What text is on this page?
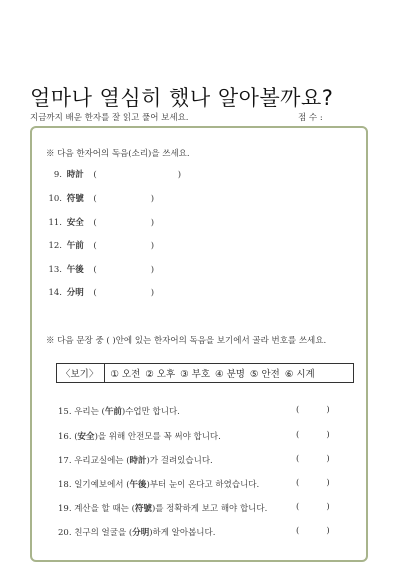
얼마나 열심히 했나 알아볼까요?
지금까지 배운 한자를 잘 읽고 풀어 보세요.	점 수 :
※ 다음 한자어의 독음(소리)을 쓰세요.
9. 時計 (                              )
10. 符號 (                    )
11. 安全 (                    )
12. 午前 (                    )
13. 午後 (                    )
14. 分明 (                    )
※ 다음 문장 중 ( )안에 있는 한자어의 독음을 보기에서 골라 번호를 쓰세요.
〈보기〉	① 오전 ② 오후 ③ 부호 ④ 분명 ⑤ 안전 ⑥ 시계
15. 우리는 (午前)수업만 합니다.	(          )
16. (安全)을 위해 안전모를 꼭 써야 합니다.	(          )
17. 우리교실에는 (時計)가 걸려있습니다.	(          )
18. 일기예보에서 (午後)부터 눈이 온다고 하였습니다.	(          )
19. 계산을 할 때는 (符號)를 정확하게 보고 해야 합니다.	(          )
20. 친구의 얼굴을 (分明)하게 알아봅니다.	(          )
